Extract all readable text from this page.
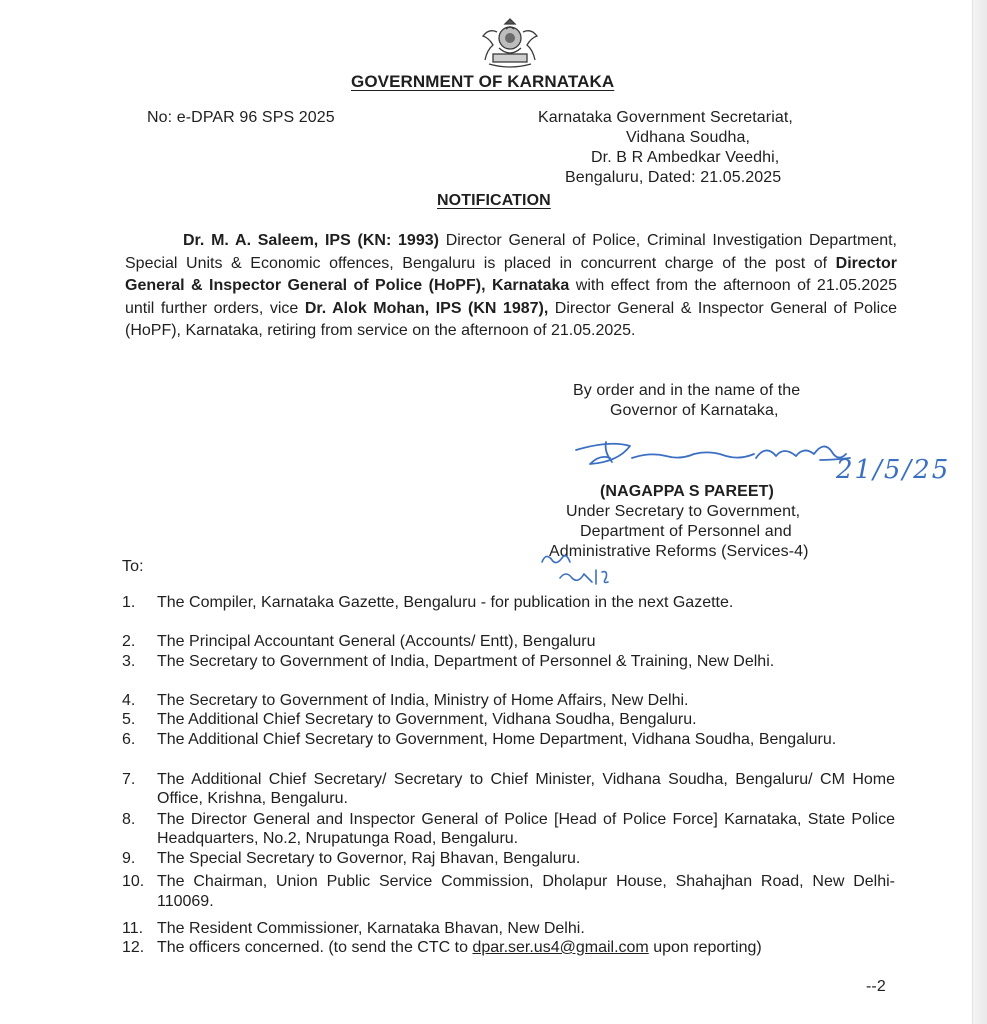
GOVERNMENT OF KARNATAKA
No: e-DPAR 96 SPS 2025	Karnataka Government Secretariat,
Vidhana Soudha,
Dr. B R Ambedkar Veedhi,
Bengaluru, Dated: 21.05.2025
NOTIFICATION
Dr. M. A. Saleem, IPS (KN: 1993) Director General of Police, Criminal Investigation Department, Special Units & Economic offences, Bengaluru is placed in concurrent charge of the post of Director General & Inspector General of Police (HoPF), Karnataka with effect from the afternoon of 21.05.2025 until further orders, vice Dr. Alok Mohan, IPS (KN 1987), Director General & Inspector General of Police (HoPF), Karnataka, retiring from service on the afternoon of 21.05.2025.
By order and in the name of the
Governor of Karnataka,
21/5/25
(NAGAPPA S PAREET)
Under Secretary to Government,
Department of Personnel and
Administrative Reforms (Services-4)
To:
1. The Compiler, Karnataka Gazette, Bengaluru - for publication in the next Gazette.
2. The Principal Accountant General (Accounts/ Entt), Bengaluru
3. The Secretary to Government of India, Department of Personnel & Training, New Delhi.
4. The Secretary to Government of India, Ministry of Home Affairs, New Delhi.
5. The Additional Chief Secretary to Government, Vidhana Soudha, Bengaluru.
6. The Additional Chief Secretary to Government, Home Department, Vidhana Soudha, Bengaluru.
7. The Additional Chief Secretary/ Secretary to Chief Minister, Vidhana Soudha, Bengaluru/ CM Home Office, Krishna, Bengaluru.
8. The Director General and Inspector General of Police [Head of Police Force] Karnataka, State Police Headquarters, No.2, Nrupatunga Road, Bengaluru.
9. The Special Secretary to Governor, Raj Bhavan, Bengaluru.
10. The Chairman, Union Public Service Commission, Dholapur House, Shahajhan Road, New Delhi-110069.
11. The Resident Commissioner, Karnataka Bhavan, New Delhi.
12. The officers concerned. (to send the CTC to dpar.ser.us4@gmail.com upon reporting)
--2
